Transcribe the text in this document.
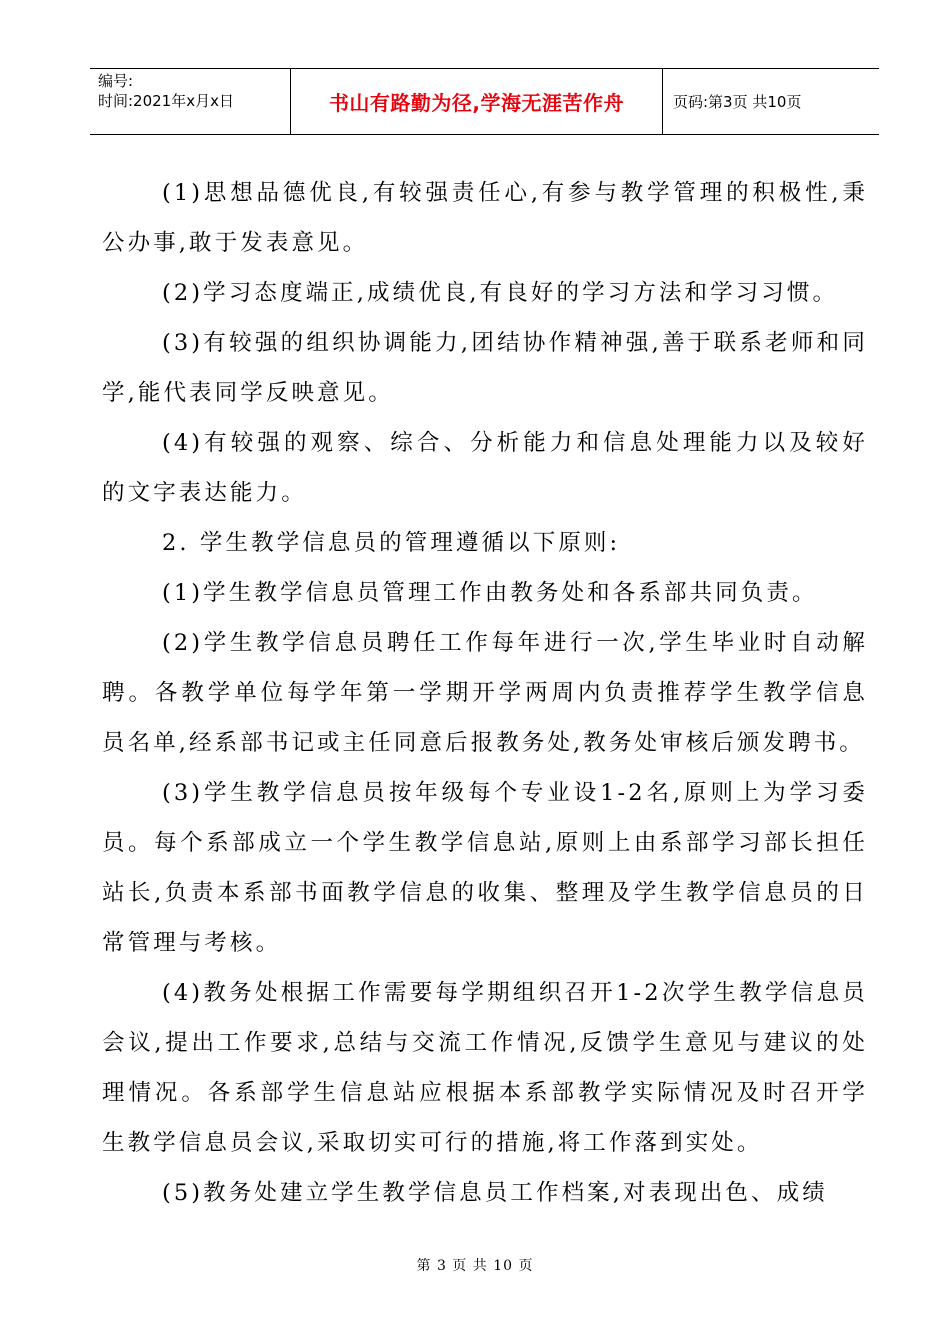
编号:
时间:2021年x月x日	书山有路勤为径,学海无涯苦作舟	页码:第3页 共10页

(1)思想品德优良,有较强责任心,有参与教学管理的积极性,秉公办事,敢于发表意见。

(2)学习态度端正,成绩优良,有良好的学习方法和学习习惯。

(3)有较强的组织协调能力,团结协作精神强,善于联系老师和同学,能代表同学反映意见。

(4)有较强的观察、综合、分析能力和信息处理能力以及较好的文字表达能力。

2. 学生教学信息员的管理遵循以下原则:

(1)学生教学信息员管理工作由教务处和各系部共同负责。

(2)学生教学信息员聘任工作每年进行一次,学生毕业时自动解聘。各教学单位每学年第一学期开学两周内负责推荐学生教学信息员名单,经系部书记或主任同意后报教务处,教务处审核后颁发聘书。

(3)学生教学信息员按年级每个专业设1-2名,原则上为学习委员。每个系部成立一个学生教学信息站,原则上由系部学习部长担任站长,负责本系部书面教学信息的收集、整理及学生教学信息员的日常管理与考核。

(4)教务处根据工作需要每学期组织召开1-2次学生教学信息员会议,提出工作要求,总结与交流工作情况,反馈学生意见与建议的处理情况。各系部学生信息站应根据本系部教学实际情况及时召开学生教学信息员会议,采取切实可行的措施,将工作落到实处。

(5)教务处建立学生教学信息员工作档案,对表现出色、成绩

第 3 页 共 10 页
